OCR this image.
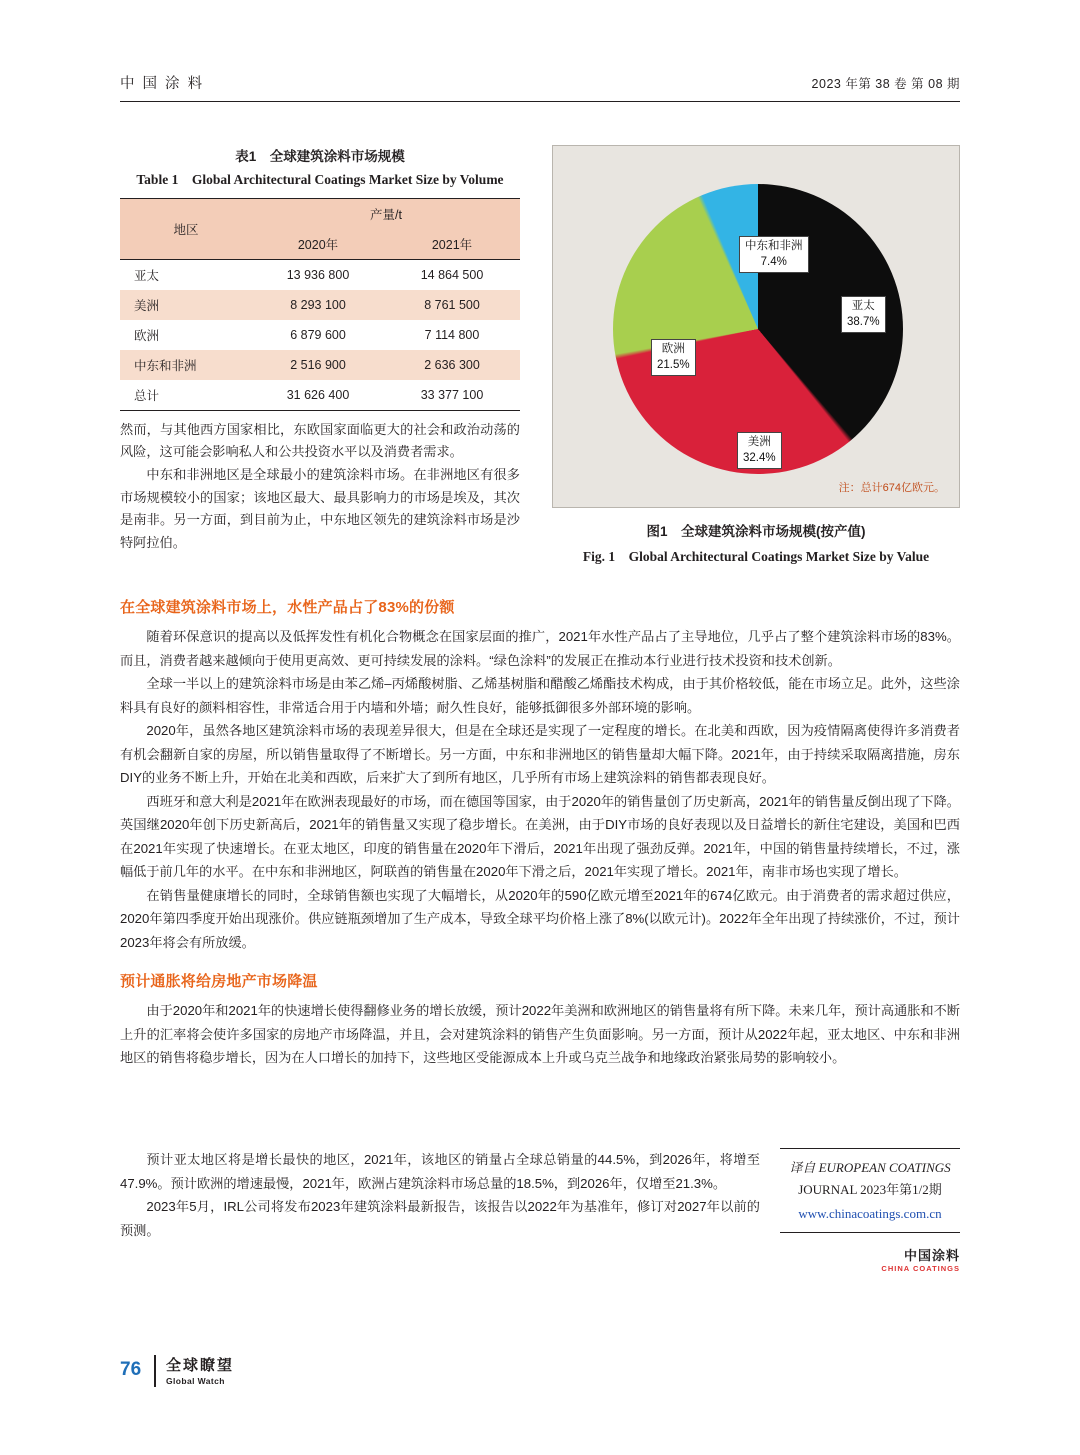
中 国 涂 料	2023 年第 38 卷 第 08 期
表1　全球建筑涂料市场规模
Table 1　Global Architectural Coatings Market Size by Volume
地区	产量/t	
	2020年	2021年
亚太	13 936 800	14 864 500
美洲	8 293 100	8 761 500
欧洲	6 879 600	7 114 800
中东和非洲	2 516 900	2 636 300
总计	31 626 400	33 377 100

然而，与其他西方国家相比，东欧国家面临更大的社会和政治动荡的风险，这可能会影响私人和公共投资水平以及消费者需求。

中东和非洲地区是全球最小的建筑涂料市场。在非洲地区有很多市场规模较小的国家；该地区最大、最具影响力的市场是埃及，其次是南非。另一方面，到目前为止，中东地区领先的建筑涂料市场是沙特阿拉伯。

亚太
38.7%
美洲
32.4%
欧洲
21.5%
中东和非洲
7.4%
注：总计674亿欧元。
图1　全球建筑涂料市场规模(按产值)
Fig. 1　Global Architectural Coatings Market Size by Value
在全球建筑涂料市场上，水性产品占了83%的份额

随着环保意识的提高以及低挥发性有机化合物概念在国家层面的推广，2021年水性产品占了主导地位，几乎占了整个建筑涂料市场的83%。而且，消费者越来越倾向于使用更高效、更可持续发展的涂料。“绿色涂料”的发展正在推动本行业进行技术投资和技术创新。

全球一半以上的建筑涂料市场是由苯乙烯–丙烯酸树脂、乙烯基树脂和醋酸乙烯酯技术构成，由于其价格较低，能在市场立足。此外，这些涂料具有良好的颜料相容性，非常适合用于内墙和外墙；耐久性良好，能够抵御很多外部环境的影响。

2020年，虽然各地区建筑涂料市场的表现差异很大，但是在全球还是实现了一定程度的增长。在北美和西欧，因为疫情隔离使得许多消费者有机会翻新自家的房屋，所以销售量取得了不断增长。另一方面，中东和非洲地区的销售量却大幅下降。2021年，由于持续采取隔离措施，房东DIY的业务不断上升，开始在北美和西欧，后来扩大了到所有地区，几乎所有市场上建筑涂料的销售都表现良好。

西班牙和意大利是2021年在欧洲表现最好的市场，而在德国等国家，由于2020年的销售量创了历史新高，2021年的销售量反倒出现了下降。英国继2020年创下历史新高后，2021年的销售量又实现了稳步增长。在美洲，由于DIY市场的良好表现以及日益增长的新住宅建设，美国和巴西在2021年实现了快速增长。在亚太地区，印度的销售量在2020年下滑后，2021年出现了强劲反弹。2021年，中国的销售量持续增长，不过，涨幅低于前几年的水平。在中东和非洲地区，阿联酋的销售量在2020年下滑之后，2021年实现了增长。2021年，南非市场也实现了增长。

在销售量健康增长的同时，全球销售额也实现了大幅增长，从2020年的590亿欧元增至2021年的674亿欧元。由于消费者的需求超过供应，2020年第四季度开始出现涨价。供应链瓶颈增加了生产成本，导致全球平均价格上涨了8%(以欧元计)。2022年全年出现了持续涨价，不过，预计2023年将会有所放缓。

预计通胀将给房地产市场降温

由于2020年和2021年的快速增长使得翻修业务的增长放缓，预计2022年美洲和欧洲地区的销售量将有所下降。未来几年，预计高通胀和不断上升的汇率将会使许多国家的房地产市场降温，并且，会对建筑涂料的销售产生负面影响。另一方面，预计从2022年起，亚太地区、中东和非洲地区的销售将稳步增长，因为在人口增长的加持下，这些地区受能源成本上升或乌克兰战争和地缘政治紧张局势的影响较小。

预计亚太地区将是增长最快的地区，2021年，该地区的销量占全球总销量的44.5%，到2026年，将增至47.9%。预计欧洲的增速最慢，2021年，欧洲占建筑涂料市场总量的18.5%，到2026年，仅增至21.3%。

2023年5月，IRL公司将发布2023年建筑涂料最新报告，该报告以2022年为基准年，修订对2027年以前的预测。

译自 EUROPEAN COATINGS
JOURNAL 2023年第1/2期
www.chinacoatings.com.cn
中国涂料
CHINA COATINGS
76 全球瞭望
Global Watch
